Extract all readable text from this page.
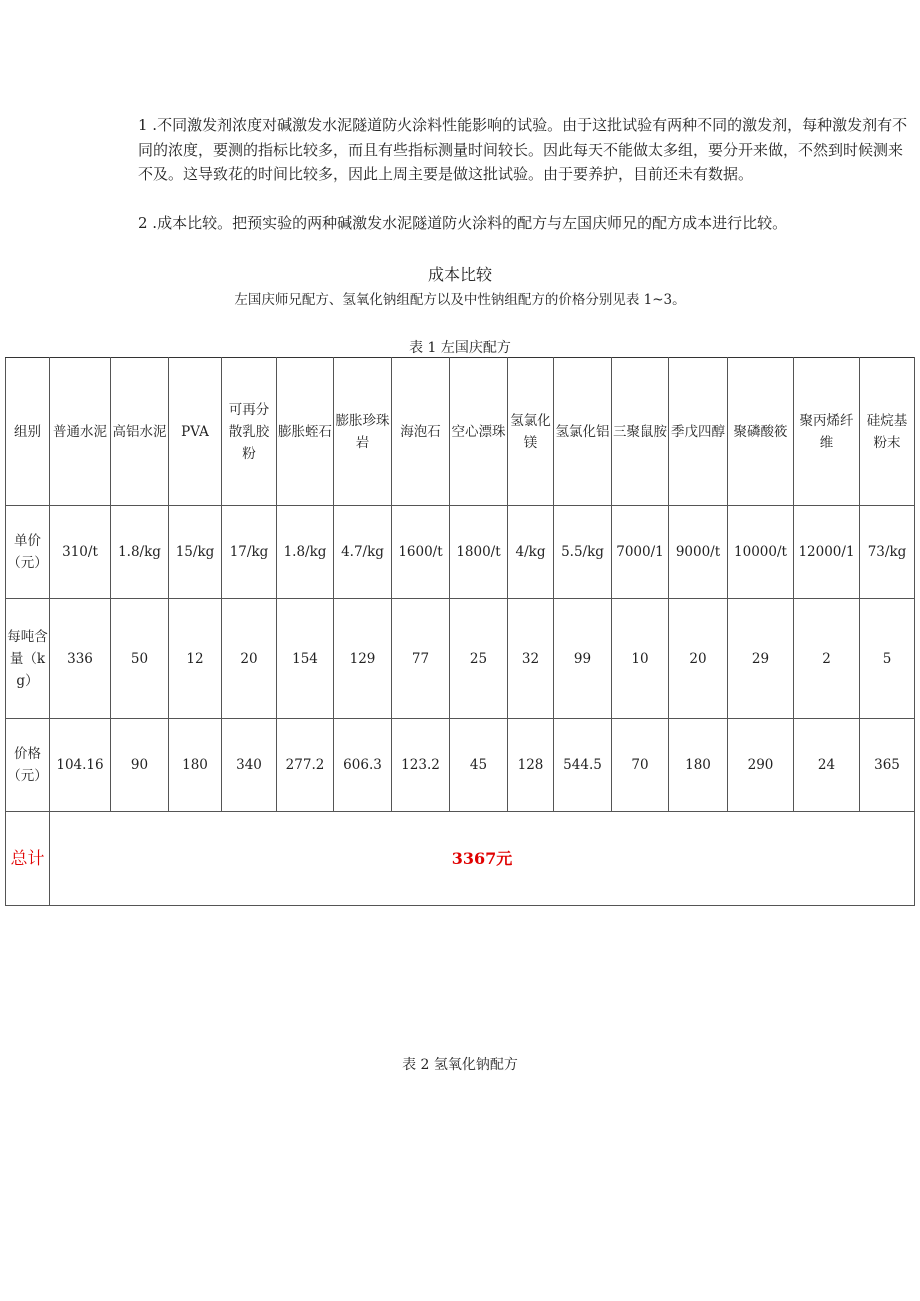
1 .不同激发剂浓度对碱激发水泥隧道防火涂料性能影响的试验。由于这批试验有两种不同的激发剂，每种激发剂有不同的浓度，要测的指标比较多，而且有些指标测量时间较长。因此每天不能做太多组，要分开来做，不然到时候测来不及。这导致花的时间比较多，因此上周主要是做这批试验。由于要养护，目前还未有数据。
2 .成本比较。把预实验的两种碱激发水泥隧道防火涂料的配方与左国庆师兄的配方成本进行比较。
成本比较
左国庆师兄配方、氢氧化钠组配方以及中性钠组配方的价格分别见表 1~3。
表 1 左国庆配方
组别	普通水泥	高铝水泥	PVA	可再分散乳胶粉	膨胀蛭石	膨胀珍珠岩	海泡石	空心漂珠	氢氯化镁	氢氯化铝	三聚鼠胺	季戊四醇	聚磷酸筱	聚丙烯纤维	硅烷基粉末
单价（元）	310/t	1.8/kg	15/kg	17/kg	1.8/kg	4.7/kg	1600/t	1800/t	4/kg	5.5/kg	7000/1	9000/t	10000/t	12000/1	73/kg
每吨含量（kg）	336	50	12	20	154	129	77	25	32	99	10	20	29	2	5
价格（元）	104.16	90	180	340	277.2	606.3	123.2	45	128	544.5	70	180	290	24	365
总计	3367元														
表 2 氢氧化钠配方
